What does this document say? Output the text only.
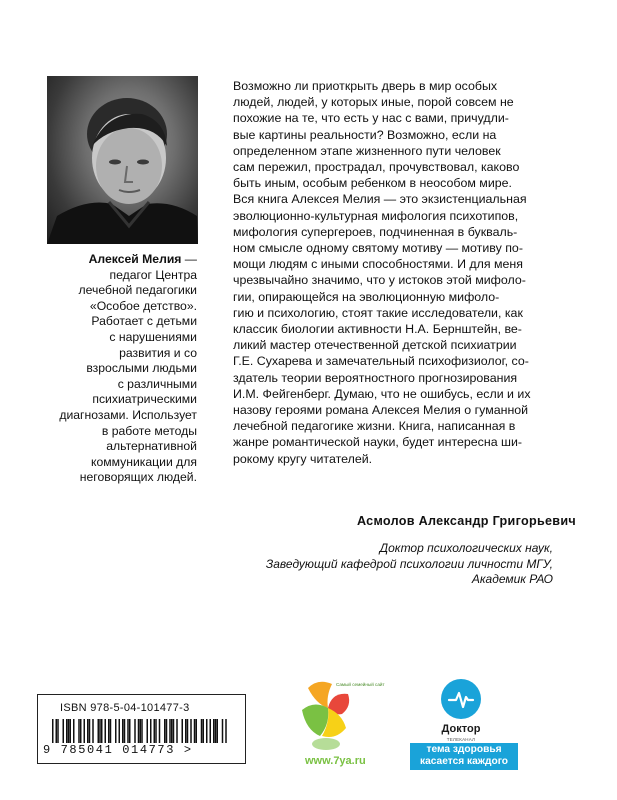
Алексей Мелия —
педагог Центра
лечебной педагогики
«Особое детство».
Работает с детьми
с нарушениями
развития и со
взрослыми людьми
с различными
психиатрическими
диагнозами. Использует
в работе методы
альтернативной
коммуникации для
неговорящих людей.
Возможно ли приоткрыть дверь в мир особых
людей, людей, у которых иные, порой совсем не
похожие на те, что есть у нас с вами, причудли-
вые картины реальности? Возможно, если на
определенном этапе жизненного пути человек
сам пережил, прострадал, прочувствовал, каково
быть иным, особым ребенком в неособом мире.
Вся книга Алексея Мелия — это экзистенциальная
эволюционно-культурная мифология психотипов,
мифология супергероев, подчиненная в букваль-
ном смысле одному святому мотиву — мотиву по-
мощи людям с иными способностями. И для меня
чрезвычайно значимо, что у истоков этой мифоло-
гии, опирающейся на эволюционную мифоло-
гию и психологию, стоят такие исследователи, как
классик биологии активности Н.А. Бернштейн, ве-
ликий мастер отечественной детской психиатрии
Г.Е. Сухарева и замечательный психофизиолог, со-
здатель теории вероятностного прогнозирования
И.М. Фейгенберг. Думаю, что не ошибусь, если и их
назову героями романа Алексея Мелия о гуманной
лечебной педагогике жизни. Книга, написанная в
жанре романтической науки, будет интересна ши-
рокому кругу читателей.
Асмолов Александр Григорьевич
Доктор психологических наук,
Заведующий кафедрой психологии личности МГУ,
Академик РАО
ISBN 978-5-04-101477-3
9 785041 014773 >
Самый семейный сайт
www.7ya.ru
Доктор
ТЕЛЕКАНАЛ
тема здоровья
касается каждого
